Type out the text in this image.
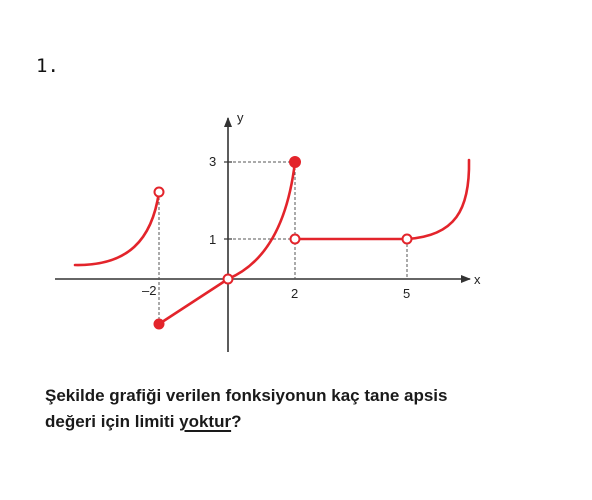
1.
x
y
3
1
–2	2	5
Şekilde grafiği verilen fonksiyonun kaç tane apsis
değeri için limiti yoktur?
